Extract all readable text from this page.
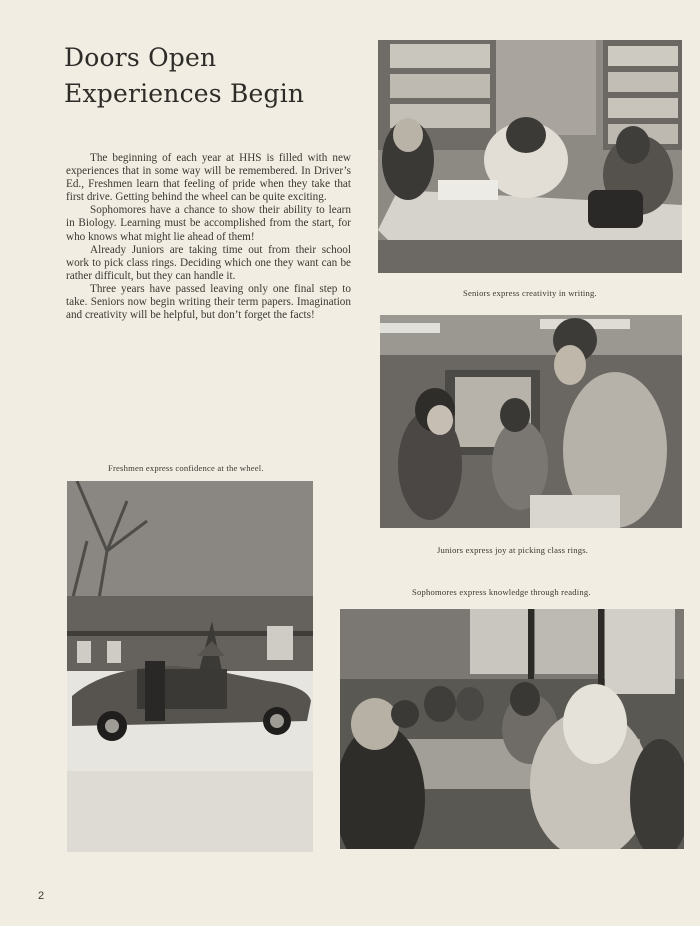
Doors Open
Experiences Begin

The beginning of each year at HHS is filled with new experiences that in some way will be remembered. In Driver’s Ed., Freshmen learn that feeling of pride when they take that first drive. Getting behind the wheel can be quite exciting.

Sophomores have a chance to show their ability to learn in Biology. Learning must be accomplished from the start, for who knows what might lie ahead of them!

Already Juniors are taking time out from their school work to pick class rings. Deciding which one they want can be rather difficult, but they can handle it.

Three years have passed leaving only one final step to take. Seniors now begin writing their term papers. Imagination and creativity will be helpful, but don’t forget the facts!

Seniors express creativity in writing.
Juniors express joy at picking class rings.
Freshmen express confidence at the wheel.
Sophomores express knowledge through reading.
2
